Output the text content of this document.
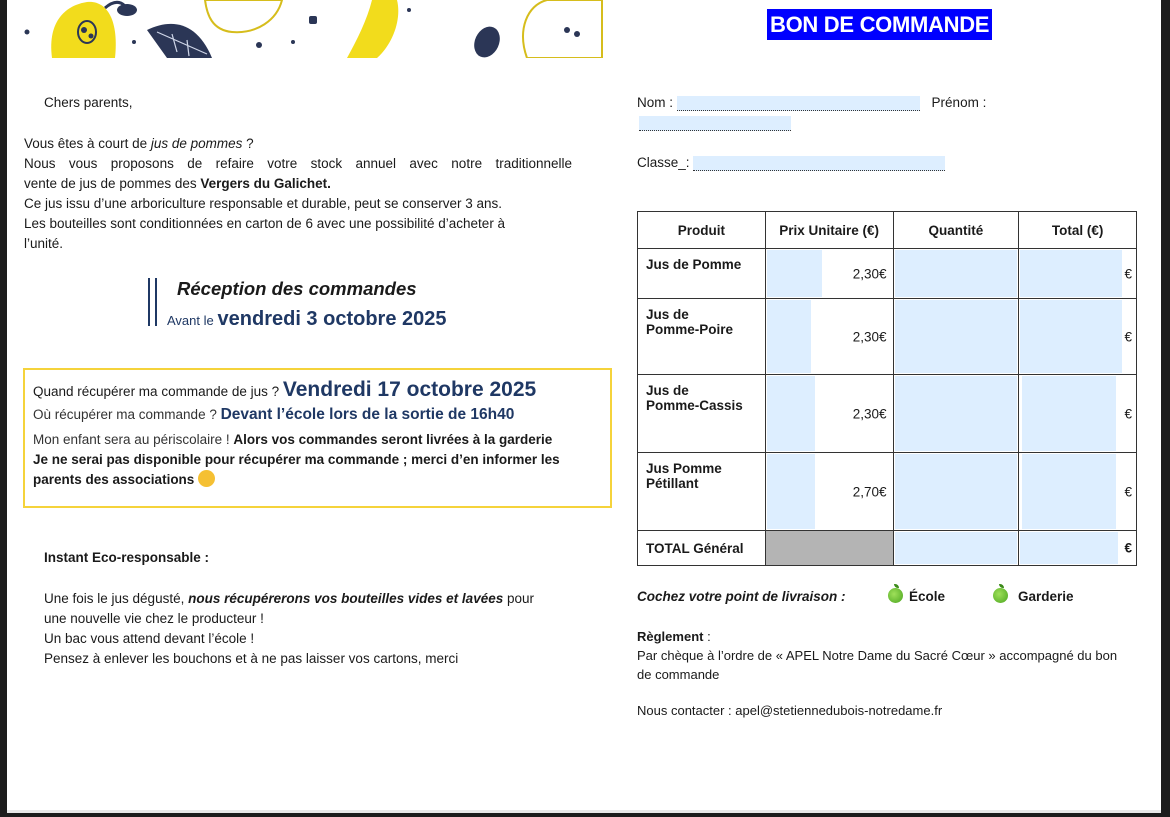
BON DE COMMANDE
Chers parents,
Vous êtes à court de jus de pommes ?
Nous vous proposons de refaire votre stock annuel avec notre traditionnelle
vente de jus de pommes des Vergers du Galichet.
Ce jus issu d’une arboriculture responsable et durable, peut se conserver 3 ans.
Les bouteilles sont conditionnées en carton de 6 avec une possibilité d’acheter à
l’unité.
Réception des commandes
Avant le vendredi 3 octobre 2025
Quand récupérer ma commande de jus ? Vendredi 17 octobre 2025
Où récupérer ma commande ? Devant l’école lors de la sortie de 16h40
Mon enfant sera au périscolaire ! Alors vos commandes seront livrées à la garderie
Je ne serai pas disponible pour récupérer ma commande ; merci d’en informer les
parents des associations
Instant Eco-responsable :
Une fois le jus dégusté, nous récupérerons vos bouteilles vides et lavées pour
une nouvelle vie chez le producteur !
Un bac vous attend devant l’école !
Pensez à enlever les bouchons et à ne pas laisser vos cartons, merci
Nom :	Prénom :
Classe_:
Produit	Prix Unitaire (€)	Quantité	Total (€)
Jus de Pomme	2,30€		€

Jus de
Pomme-Poire	2,30€		€

Jus de
Pomme-Cassis	2,30€		€

Jus Pomme
Pétillant	2,70€		€

TOTAL Général			€
Cochez votre point de livraison :	École	Garderie
Règlement :
Par chèque à l’ordre de « APEL Notre Dame du Sacré Cœur » accompagné du bon
de commande
Nous contacter : apel@stetiennedubois-notredame.fr
